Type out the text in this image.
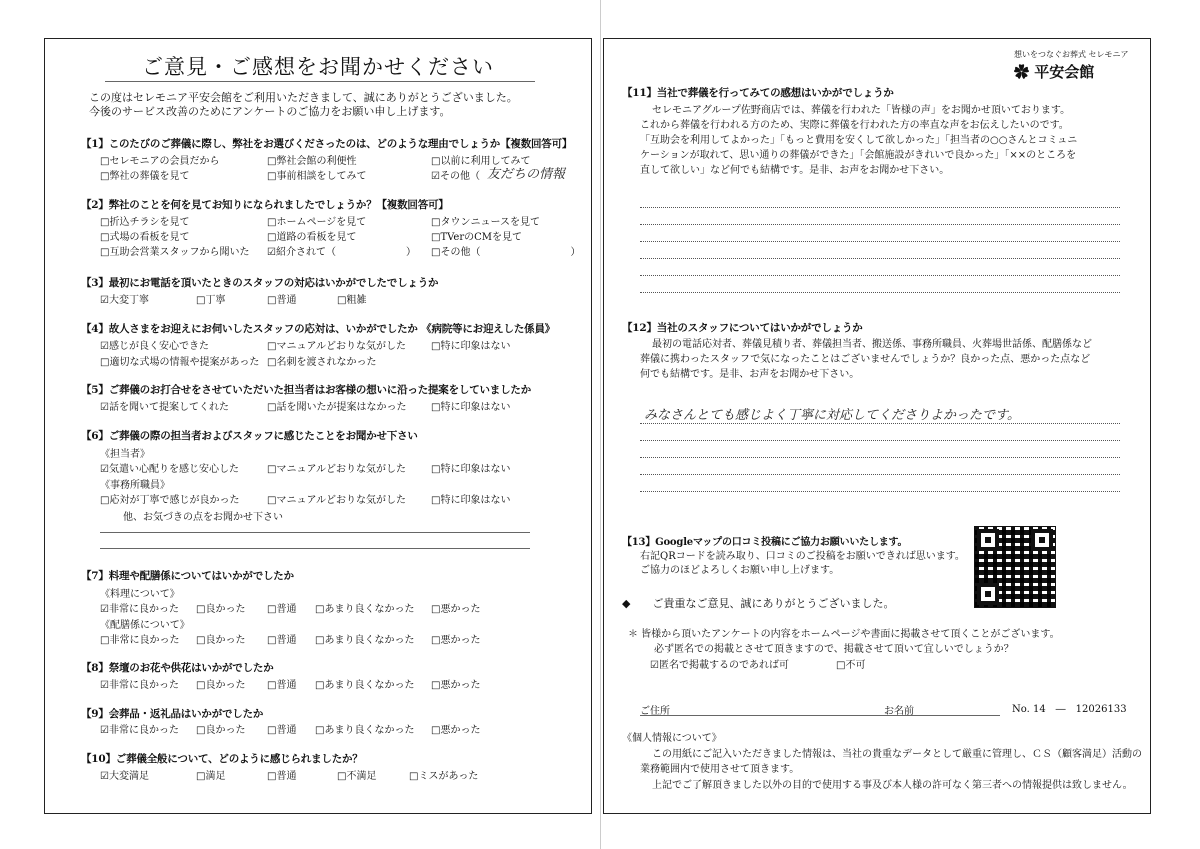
ご意見・ご感想をお聞かせください
この度はセレモニア平安会館をご利用いただきまして、誠にありがとうございました。
今後のサービス改善のためにアンケートのご協力をお願い申し上げます。
【1】このたびのご葬儀に際し、弊社をお選びくださったのは、どのような理由でしょうか【複数回答可】
□ セレモニアの会員だから	□ 弊社会館の利便性	□ 以前に利用してみて
□ 弊社の葬儀を見て	□ 事前相談をしてみて	☑ その他（ 友だちの情報
【2】弊社のことを何を見てお知りになられましたでしょうか？【複数回答可】
□ 折込チラシを見て	□ ホームページを見て	□ タウンニュースを見て
□ 式場の看板を見て	□ 道路の看板を見て	□ TVerのCMを見て
□ 互助会営業スタッフから聞いた	☑ 紹介されて（　　　　　　　）	□ その他（　　　　　　　　　）
【3】最初にお電話を頂いたときのスタッフの対応はいかがでしたでしょうか
☑ 大変丁寧	□ 丁寧	□ 普通	□ 粗雑
【4】故人さまをお迎えにお伺いしたスタッフの応対は、いかがでしたか 《病院等にお迎えした係員》
☑ 感じが良く安心できた	□ マニュアルどおりな気がした	□ 特に印象はない
□ 適切な式場の情報や提案があった	□ 名刺を渡されなかった
【5】ご葬儀のお打合せをさせていただいた担当者はお客様の想いに沿った提案をしていましたか
☑ 話を聞いて提案してくれた	□ 話を聞いたが提案はなかった	□ 特に印象はない
【6】ご葬儀の際の担当者およびスタッフに感じたことをお聞かせ下さい
《担当者》
☑ 気遣い心配りを感じ安心した	□ マニュアルどおりな気がした	□ 特に印象はない
《事務所職員》
□ 応対が丁寧で感じが良かった	□ マニュアルどおりな気がした	□ 特に印象はない
他、お気づきの点をお聞かせ下さい
【7】料理や配膳係についてはいかがでしたか
《料理について》
☑ 非常に良かった	□ 良かった	□ 普通	□ あまり良くなかった	□ 悪かった
《配膳係について》
□ 非常に良かった	□ 良かった	□ 普通	□ あまり良くなかった	□ 悪かった
【8】祭壇のお花や供花はいかがでしたか
☑ 非常に良かった	□ 良かった	□ 普通	□ あまり良くなかった	□ 悪かった
【9】会葬品・返礼品はいかがでしたか
☑ 非常に良かった	□ 良かった	□ 普通	□ あまり良くなかった	□ 悪かった
【10】ご葬儀全般について、どのように感じられましたか？
☑ 大変満足	□ 満足	□ 普通	□ 不満足	□ ミスがあった
想いをつなぐお葬式 セレモニア
✿ 平安会館
【11】当社で葬儀を行ってみての感想はいかがでしょうか
セレモニアグループ佐野商店では、葬儀を行われた「皆様の声」をお聞かせ頂いております。
これから葬儀を行われる方のため、実際に葬儀を行われた方の率直な声をお伝えしたいのです。
「互助会を利用してよかった」「もっと費用を安くして欲しかった」「担当者の○○さんとコミュニ
ケーションが取れて、思い通りの葬儀ができた」「会館施設がきれいで良かった」「××のところを
直して欲しい」など何でも結構です。是非、お声をお聞かせ下さい。
【12】当社のスタッフについてはいかがでしょうか
最初の電話応対者、葬儀見積り者、葬儀担当者、搬送係、事務所職員、火葬場世話係、配膳係など
葬儀に携わったスタッフで気になったことはございませんでしょうか？良かった点、悪かった点など
何でも結構です。是非、お声をお聞かせ下さい。
みなさんとても感じよく丁寧に対応してくださりよかったです。
【13】Googleマップの口コミ投稿にご協力お願いいたします。
右記QRコードを読み取り、口コミのご投稿をお願いできれば思います。
ご協力のほどよろしくお願い申し上げます。
◆　　ご貴重なご意見、誠にありがとうございました。
＊ 皆様から頂いたアンケートの内容をホームページや書面に掲載させて頂くことがございます。
必ず匿名での掲載とさせて頂きますので、掲載させて頂いて宜しいでしょうか？
☑ 匿名で掲載するのであれば可	□ 不可
ご住所	お名前	No. 14　―　12026133
《個人情報について》
この用紙にご記入いただきました情報は、当社の貴重なデータとして厳重に管理し、ＣＳ（顧客満足）活動の
業務範囲内で使用させて頂きます。
上記でご了解頂きました以外の目的で使用する事及び本人様の許可なく第三者への情報提供は致しません。
